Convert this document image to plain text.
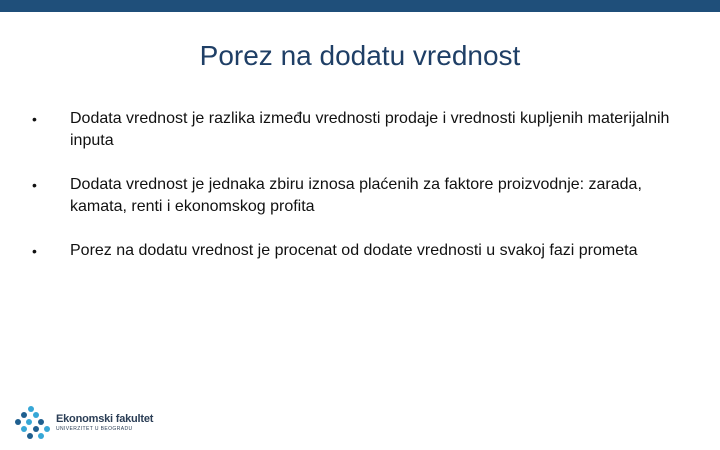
Porez na dodatu vrednost
•	Dodata vrednost je razlika između vrednosti prodaje i vrednosti kupljenih materijalnih inputa
•	Dodata vrednost je jednaka zbiru iznosa plaćenih za faktore proizvodnje: zarada, kamata, renti i ekonomskog profita
•	Porez na dodatu vrednost je procenat od dodate vrednosti u svakoj fazi prometa
Ekonomski fakultet
UNIVERZITET U BEOGRADU
